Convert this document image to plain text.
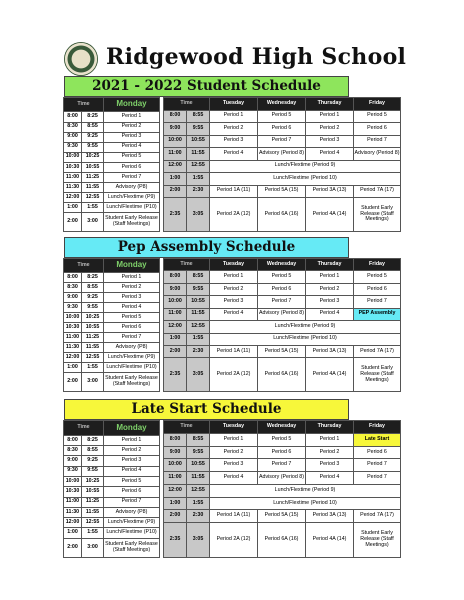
Ridgewood High School
2021 - 2022 Student Schedule
Time		Monday
8:00	8:25	Period 1
8:30	8:55	Period 2
9:00	9:25	Period 3
9:30	9:55	Period 4
10:00	10:25	Period 5
10:30	10:55	Period 6
11:00	11:25	Period 7
11:30	11:55	Advisory (P8)
12:00	12:55	Lunch/Flextime (P9)
1:00	1:55	Lunch/Flextime (P10)
2:00	3:00	Student Early Release (Staff Meetings)
Time		Tuesday	Wednesday	Thursday	Friday
8:00	8:55	Period 1	Period 5	Period 1	Period 5
9:00	9:55	Period 2	Period 6	Period 2	Period 6
10:00	10:55	Period 3	Period 7	Period 3	Period 7
11:00	11:55	Period 4	Advisory (Period 8)	Period 4	Advisory (Period 8)
12:00	12:55	Lunch/Flextime (Period 9)			
1:00	1:55	Lunch/Flextime (Period 10)			
2:00	2:30	Period 1A (11)	Period 5A (15)	Period 3A (13)	Period 7A (17)
2:35	3:05	Period 2A (12)	Period 6A (16)	Period 4A (14)	Student Early Release (Staff Meetings)
Pep Assembly Schedule
Time		Monday
8:00	8:25	Period 1
8:30	8:55	Period 2
9:00	9:25	Period 3
9:30	9:55	Period 4
10:00	10:25	Period 5
10:30	10:55	Period 6
11:00	11:25	Period 7
11:30	11:55	Advisory (P8)
12:00	12:55	Lunch/Flextime (P9)
1:00	1:55	Lunch/Flextime (P10)
2:00	3:00	Student Early Release (Staff Meetings)
Time		Tuesday	Wednesday	Thursday	Friday
8:00	8:55	Period 1	Period 5	Period 1	Period 5
9:00	9:55	Period 2	Period 6	Period 2	Period 6
10:00	10:55	Period 3	Period 7	Period 3	Period 7
11:00	11:55	Period 4	Advisory (Period 8)	Period 4	PEP Assembly
12:00	12:55	Lunch/Flextime (Period 9)			
1:00	1:55	Lunch/Flextime (Period 10)			
2:00	2:30	Period 1A (11)	Period 5A (15)	Period 3A (13)	Period 7A (17)
2:35	3:05	Period 2A (12)	Period 6A (16)	Period 4A (14)	Student Early Release (Staff Meetings)
Late Start Schedule
Time		Monday
8:00	8:25	Period 1
8:30	8:55	Period 2
9:00	9:25	Period 3
9:30	9:55	Period 4
10:00	10:25	Period 5
10:30	10:55	Period 6
11:00	11:25	Period 7
11:30	11:55	Advisory (P8)
12:00	12:55	Lunch/Flextime (P9)
1:00	1:55	Lunch/Flextime (P10)
2:00	3:00	Student Early Release (Staff Meetings)
Time		Tuesday	Wednesday	Thursday	Friday
8:00	8:55	Period 1	Period 5	Period 1	Late Start
9:00	9:55	Period 2	Period 6	Period 2	Period 6
10:00	10:55	Period 3	Period 7	Period 3	Period 7
11:00	11:55	Period 4	Advisory (Period 8)	Period 4	Period 7
12:00	12:55	Lunch/Flextime (Period 9)			
1:00	1:55	Lunch/Flextime (Period 10)			
2:00	2:30	Period 1A (11)	Period 5A (15)	Period 3A (13)	Period 7A (17)
2:35	3:05	Period 2A (12)	Period 6A (16)	Period 4A (14)	Student Early Release (Staff Meetings)
